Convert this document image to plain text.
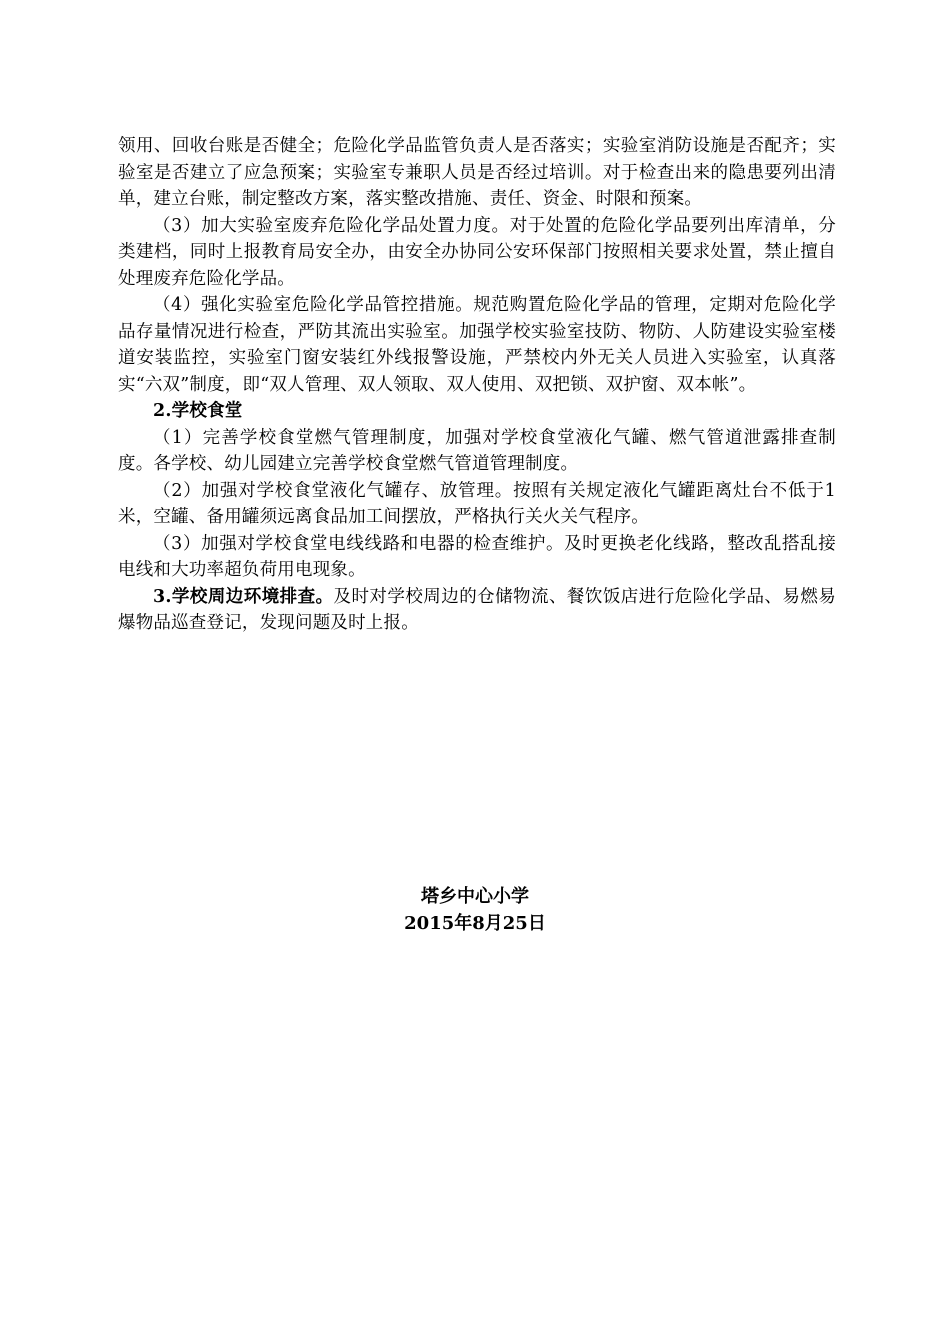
领用、回收台账是否健全；危险化学品监管负责人是否落实；实验室消防设施是否配齐；实验室是否建立了应急预案；实验室专兼职人员是否经过培训。对于检查出来的隐患要列出清单，建立台账，制定整改方案，落实整改措施、责任、资金、时限和预案。

（3）加大实验室废弃危险化学品处置力度。对于处置的危险化学品要列出库清单，分类建档，同时上报教育局安全办，由安全办协同公安环保部门按照相关要求处置，禁止擅自处理废弃危险化学品。

（4）强化实验室危险化学品管控措施。规范购置危险化学品的管理，定期对危险化学品存量情况进行检查，严防其流出实验室。加强学校实验室技防、物防、人防建设实验室楼道安装监控，实验室门窗安装红外线报警设施，严禁校内外无关人员进入实验室，认真落实“六双”制度，即“双人管理、双人领取、双人使用、双把锁、双护窗、双本帐”。

2.学校食堂

（1）完善学校食堂燃气管理制度，加强对学校食堂液化气罐、燃气管道泄露排查制度。各学校、幼儿园建立完善学校食堂燃气管道管理制度。

（2）加强对学校食堂液化气罐存、放管理。按照有关规定液化气罐距离灶台不低于1米，空罐、备用罐须远离食品加工间摆放，严格执行关火关气程序。

（3）加强对学校食堂电线线路和电器的检查维护。及时更换老化线路，整改乱搭乱接电线和大功率超负荷用电现象。

3.学校周边环境排查。及时对学校周边的仓储物流、餐饮饭店进行危险化学品、易燃易爆物品巡查登记，发现问题及时上报。

塔乡中心小学
2015年8月25日
